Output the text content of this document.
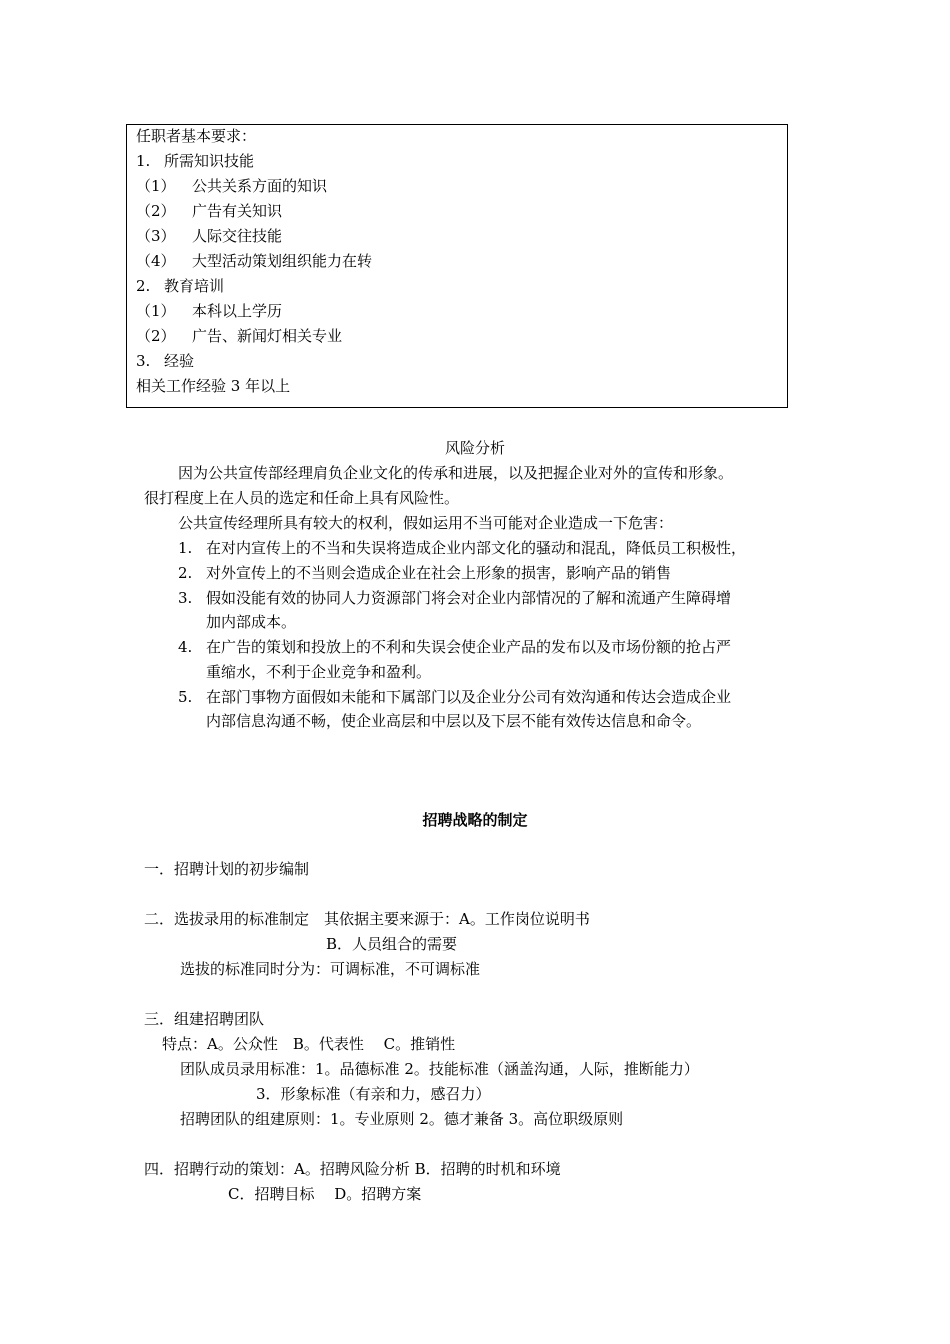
任职者基本要求：
1. 所需知识技能
（1） 公共关系方面的知识
（2） 广告有关知识
（3） 人际交往技能
（4） 大型活动策划组织能力在转
2. 教育培训
（1） 本科以上学历
（2） 广告、新闻灯相关专业
3. 经验
相关工作经验 3 年以上
风险分析
因为公共宣传部经理肩负企业文化的传承和进展，以及把握企业对外的宣传和形象。
很打程度上在人员的选定和任命上具有风险性。
公共宣传经理所具有较大的权利，假如运用不当可能对企业造成一下危害：
1. 在对内宣传上的不当和失误将造成企业内部文化的骚动和混乱，降低员工积极性，
2. 对外宣传上的不当则会造成企业在社会上形象的损害，影响产品的销售
3. 假如没能有效的协同人力资源部门将会对企业内部情况的了解和流通产生障碍增
加内部成本。
4. 在广告的策划和投放上的不利和失误会使企业产品的发布以及市场份额的抢占严
重缩水，不利于企业竞争和盈利。
5. 在部门事物方面假如未能和下属部门以及企业分公司有效沟通和传达会造成企业
内部信息沟通不畅，使企业高层和中层以及下层不能有效传达信息和命令。
招聘战略的制定
一．招聘计划的初步编制
二．选拔录用的标准制定　其依据主要来源于：A。工作岗位说明书
B．人员组合的需要
选拔的标准同时分为：可调标准，不可调标准
三．组建招聘团队
特点：A。公众性　B。代表性　 C。推销性
团队成员录用标准：1。品德标准 2。技能标准（涵盖沟通，人际，推断能力）
3．形象标准（有亲和力，感召力）
招聘团队的组建原则：1。专业原则 2。德才兼备 3。高位职级原则
四．招聘行动的策划：A。招聘风险分析 B．招聘的时机和环境
C．招聘目标　 D。招聘方案
